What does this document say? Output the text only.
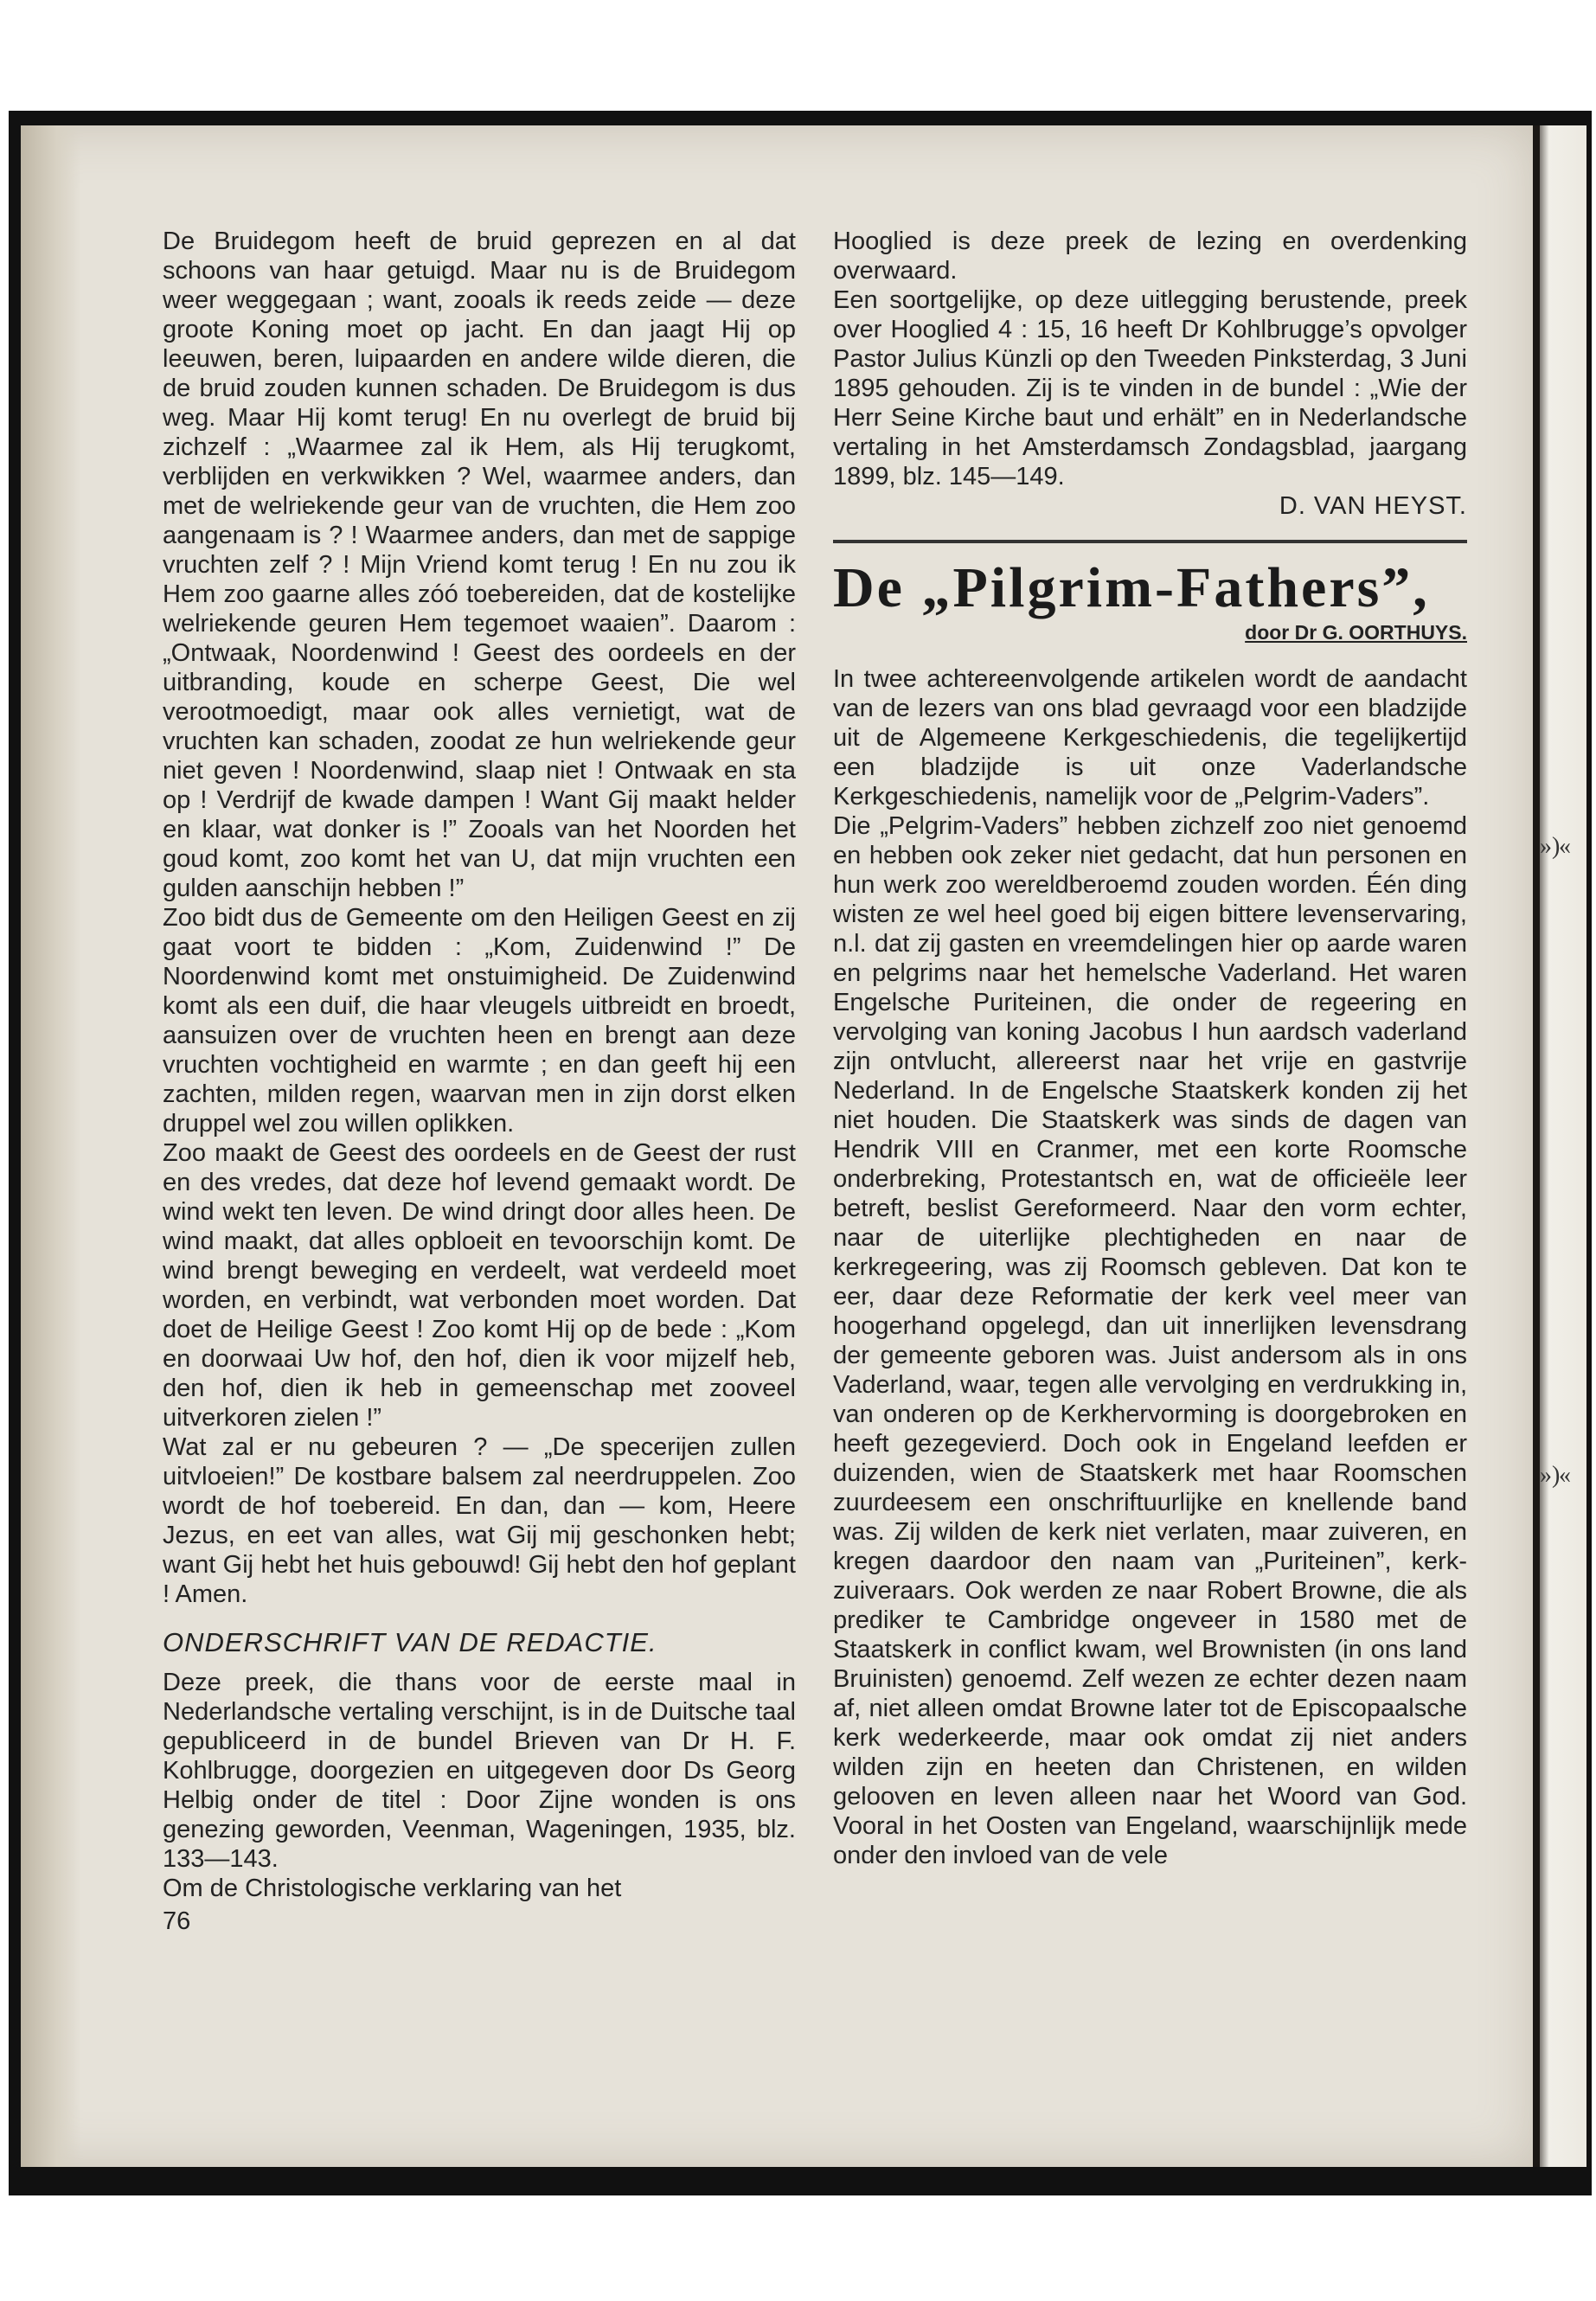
»)
«
»)
«

De Bruidegom heeft de bruid geprezen en al dat schoons van haar getuigd. Maar nu is de Bruidegom weer weggegaan ; want, zooals ik reeds zeide — deze groote Koning moet op jacht. En dan jaagt Hij op leeuwen, beren, luipaarden en andere wilde dieren, die de bruid zouden kunnen schaden. De Bruidegom is dus weg. Maar Hij komt terug! En nu overlegt de bruid bij zichzelf : „Waarmee zal ik Hem, als Hij terugkomt, verblijden en verkwikken ? Wel, waarmee anders, dan met de welriekende geur van de vruchten, die Hem zoo aangenaam is ? ! Waarmee anders, dan met de sappige vruchten zelf ? ! Mijn Vriend komt terug ! En nu zou ik Hem zoo gaarne alles zóó toebereiden, dat de kostelijke welriekende geuren Hem tegemoet waaien”. Daarom : „Ontwaak, Noordenwind ! Geest des oordeels en der uitbranding, koude en scherpe Geest, Die wel verootmoedigt, maar ook alles vernietigt, wat de vruchten kan schaden, zoodat ze hun welriekende geur niet geven ! Noordenwind, slaap niet ! Ontwaak en sta op ! Verdrijf de kwade dampen ! Want Gij maakt helder en klaar, wat donker is !” Zooals van het Noorden het goud komt, zoo komt het van U, dat mijn vruchten een gulden aanschijn hebben !”

Zoo bidt dus de Gemeente om den Heiligen Geest en zij gaat voort te bidden : „Kom, Zuidenwind !” De Noordenwind komt met onstuimigheid. De Zuidenwind komt als een duif, die haar vleugels uitbreidt en broedt, aansuizen over de vruchten heen en brengt aan deze vruchten vochtigheid en warmte ; en dan geeft hij een zachten, milden regen, waarvan men in zijn dorst elken druppel wel zou willen oplikken.

Zoo maakt de Geest des oordeels en de Geest der rust en des vredes, dat deze hof levend gemaakt wordt. De wind wekt ten leven. De wind dringt door alles heen. De wind maakt, dat alles opbloeit en tevoorschijn komt. De wind brengt beweging en verdeelt, wat verdeeld moet worden, en verbindt, wat verbonden moet worden. Dat doet de Heilige Geest ! Zoo komt Hij op de bede : „Kom en doorwaai Uw hof, den hof, dien ik voor mijzelf heb, den hof, dien ik heb in gemeenschap met zooveel uitverkoren zielen !”

Wat zal er nu gebeuren ? — „De specerijen zullen uitvloeien!” De kostbare balsem zal neerdruppelen. Zoo wordt de hof toebereid. En dan, dan — kom, Heere Jezus, en eet van alles, wat Gij mij geschonken hebt; want Gij hebt het huis gebouwd! Gij hebt den hof geplant ! Amen.

ONDERSCHRIFT VAN DE REDACTIE.

Deze preek, die thans voor de eerste maal in Nederlandsche vertaling verschijnt, is in de Duitsche taal gepubliceerd in de bundel Brieven van Dr H. F. Kohlbrugge, doorgezien en uitgegeven door Ds Georg Helbig onder de titel : Door Zijne wonden is ons genezing geworden, Veenman, Wageningen, 1935, blz. 133—143.

Om de Christologische verklaring van het

76

Hooglied is deze preek de lezing en overdenking overwaard.

Een soortgelijke, op deze uitlegging berustende, preek over Hooglied 4 : 15, 16 heeft Dr Kohlbrugge’s opvolger Pastor Julius Künzli op den Tweeden Pinksterdag, 3 Juni 1895 gehouden. Zij is te vinden in de bundel : „Wie der Herr Seine Kirche baut und erhält” en in Nederlandsche vertaling in het Amsterdamsch Zondagsblad, jaargang 1899, blz. 145—149.

D. VAN HEYST.

De „Pilgrim-Fathers”,
door Dr G. OORTHUYS.

In twee achtereenvolgende artikelen wordt de aandacht van de lezers van ons blad gevraagd voor een bladzijde uit de Algemeene Kerkgeschiedenis, die tegelijkertijd een bladzijde is uit onze Vaderlandsche Kerkgeschiedenis, namelijk voor de „Pelgrim-Vaders”.

Die „Pelgrim-Vaders” hebben zichzelf zoo niet genoemd en hebben ook zeker niet gedacht, dat hun personen en hun werk zoo wereldberoemd zouden worden. Één ding wisten ze wel heel goed bij eigen bittere levenservaring, n.l. dat zij gasten en vreemdelingen hier op aarde waren en pelgrims naar het hemelsche Vaderland. Het waren Engelsche Puriteinen, die onder de regeering en vervolging van koning Jacobus I hun aardsch vaderland zijn ontvlucht, allereerst naar het vrije en gastvrije Nederland. In de Engelsche Staatskerk konden zij het niet houden. Die Staatskerk was sinds de dagen van Hendrik VIII en Cranmer, met een korte Roomsche onderbreking, Protestantsch en, wat de officieële leer betreft, beslist Gereformeerd. Naar den vorm echter, naar de uiterlijke plechtigheden en naar de kerkregeering, was zij Roomsch gebleven. Dat kon te eer, daar deze Reformatie der kerk veel meer van hoogerhand opgelegd, dan uit innerlijken levensdrang der gemeente geboren was. Juist andersom als in ons Vaderland, waar, tegen alle vervolging en verdrukking in, van onderen op de Kerkhervorming is doorgebroken en heeft gezegevierd. Doch ook in Engeland leefden er duizenden, wien de Staatskerk met haar Roomschen zuurdeesem een onschriftuurlijke en knellende band was. Zij wilden de kerk niet verlaten, maar zuiveren, en kregen daardoor den naam van „Puriteinen”, kerk-zuiveraars. Ook werden ze naar Robert Browne, die als prediker te Cambridge ongeveer in 1580 met de Staatskerk in conflict kwam, wel Brownisten (in ons land Bruinisten) genoemd. Zelf wezen ze echter dezen naam af, niet alleen omdat Browne later tot de Episcopaalsche kerk wederkeerde, maar ook omdat zij niet anders wilden zijn en heeten dan Christenen, en wilden gelooven en leven alleen naar het Woord van God. Vooral in het Oosten van Engeland, waarschijnlijk mede onder den invloed van de vele
